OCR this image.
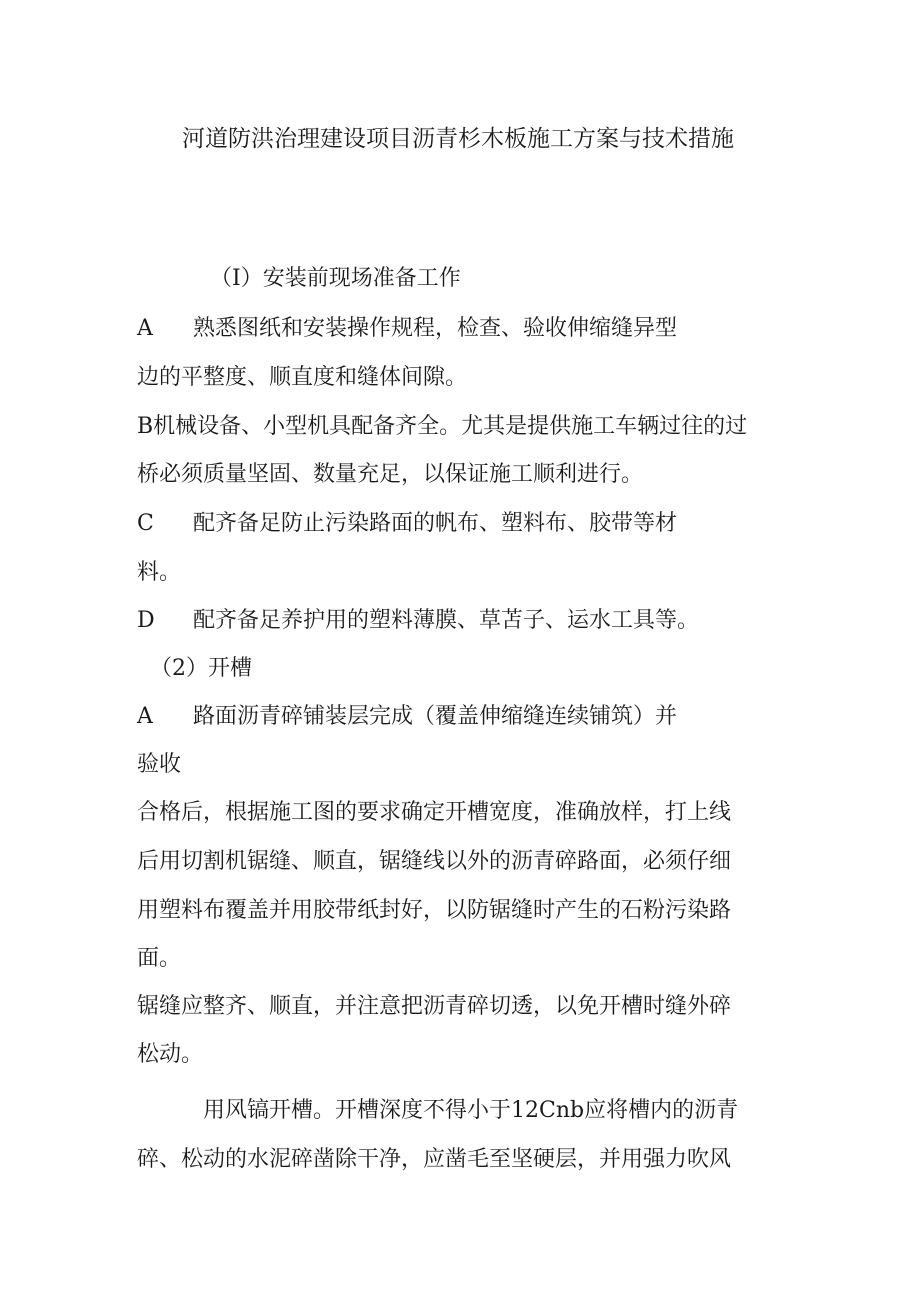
河道防洪治理建设项目沥青杉木板施工方案与技术措施
（I）安装前现场准备工作
A 熟悉图纸和安装操作规程，检查、验收伸缩缝异型
边的平整度、顺直度和缝体间隙。
B机械设备、小型机具配备齐全。尤其是提供施工车辆过往的过
桥必须质量坚固、数量充足，以保证施工顺利进行。
C 配齐备足防止污染路面的帆布、塑料布、胶带等材
料。
D 配齐备足养护用的塑料薄膜、草苫子、运水工具等。
（2）开槽
A 路面沥青碎铺装层完成（覆盖伸缩缝连续铺筑）并
验收
合格后，根据施工图的要求确定开槽宽度，准确放样，打上线
后用切割机锯缝、顺直，锯缝线以外的沥青碎路面，必须仔细
用塑料布覆盖并用胶带纸封好，以防锯缝时产生的石粉污染路
面。
锯缝应整齐、顺直，并注意把沥青碎切透，以免开槽时缝外碎
松动。
用风镐开槽。开槽深度不得小于12Cnb应将槽内的沥青
碎、松动的水泥碎凿除干净，应凿毛至坚硬层，并用强力吹风
